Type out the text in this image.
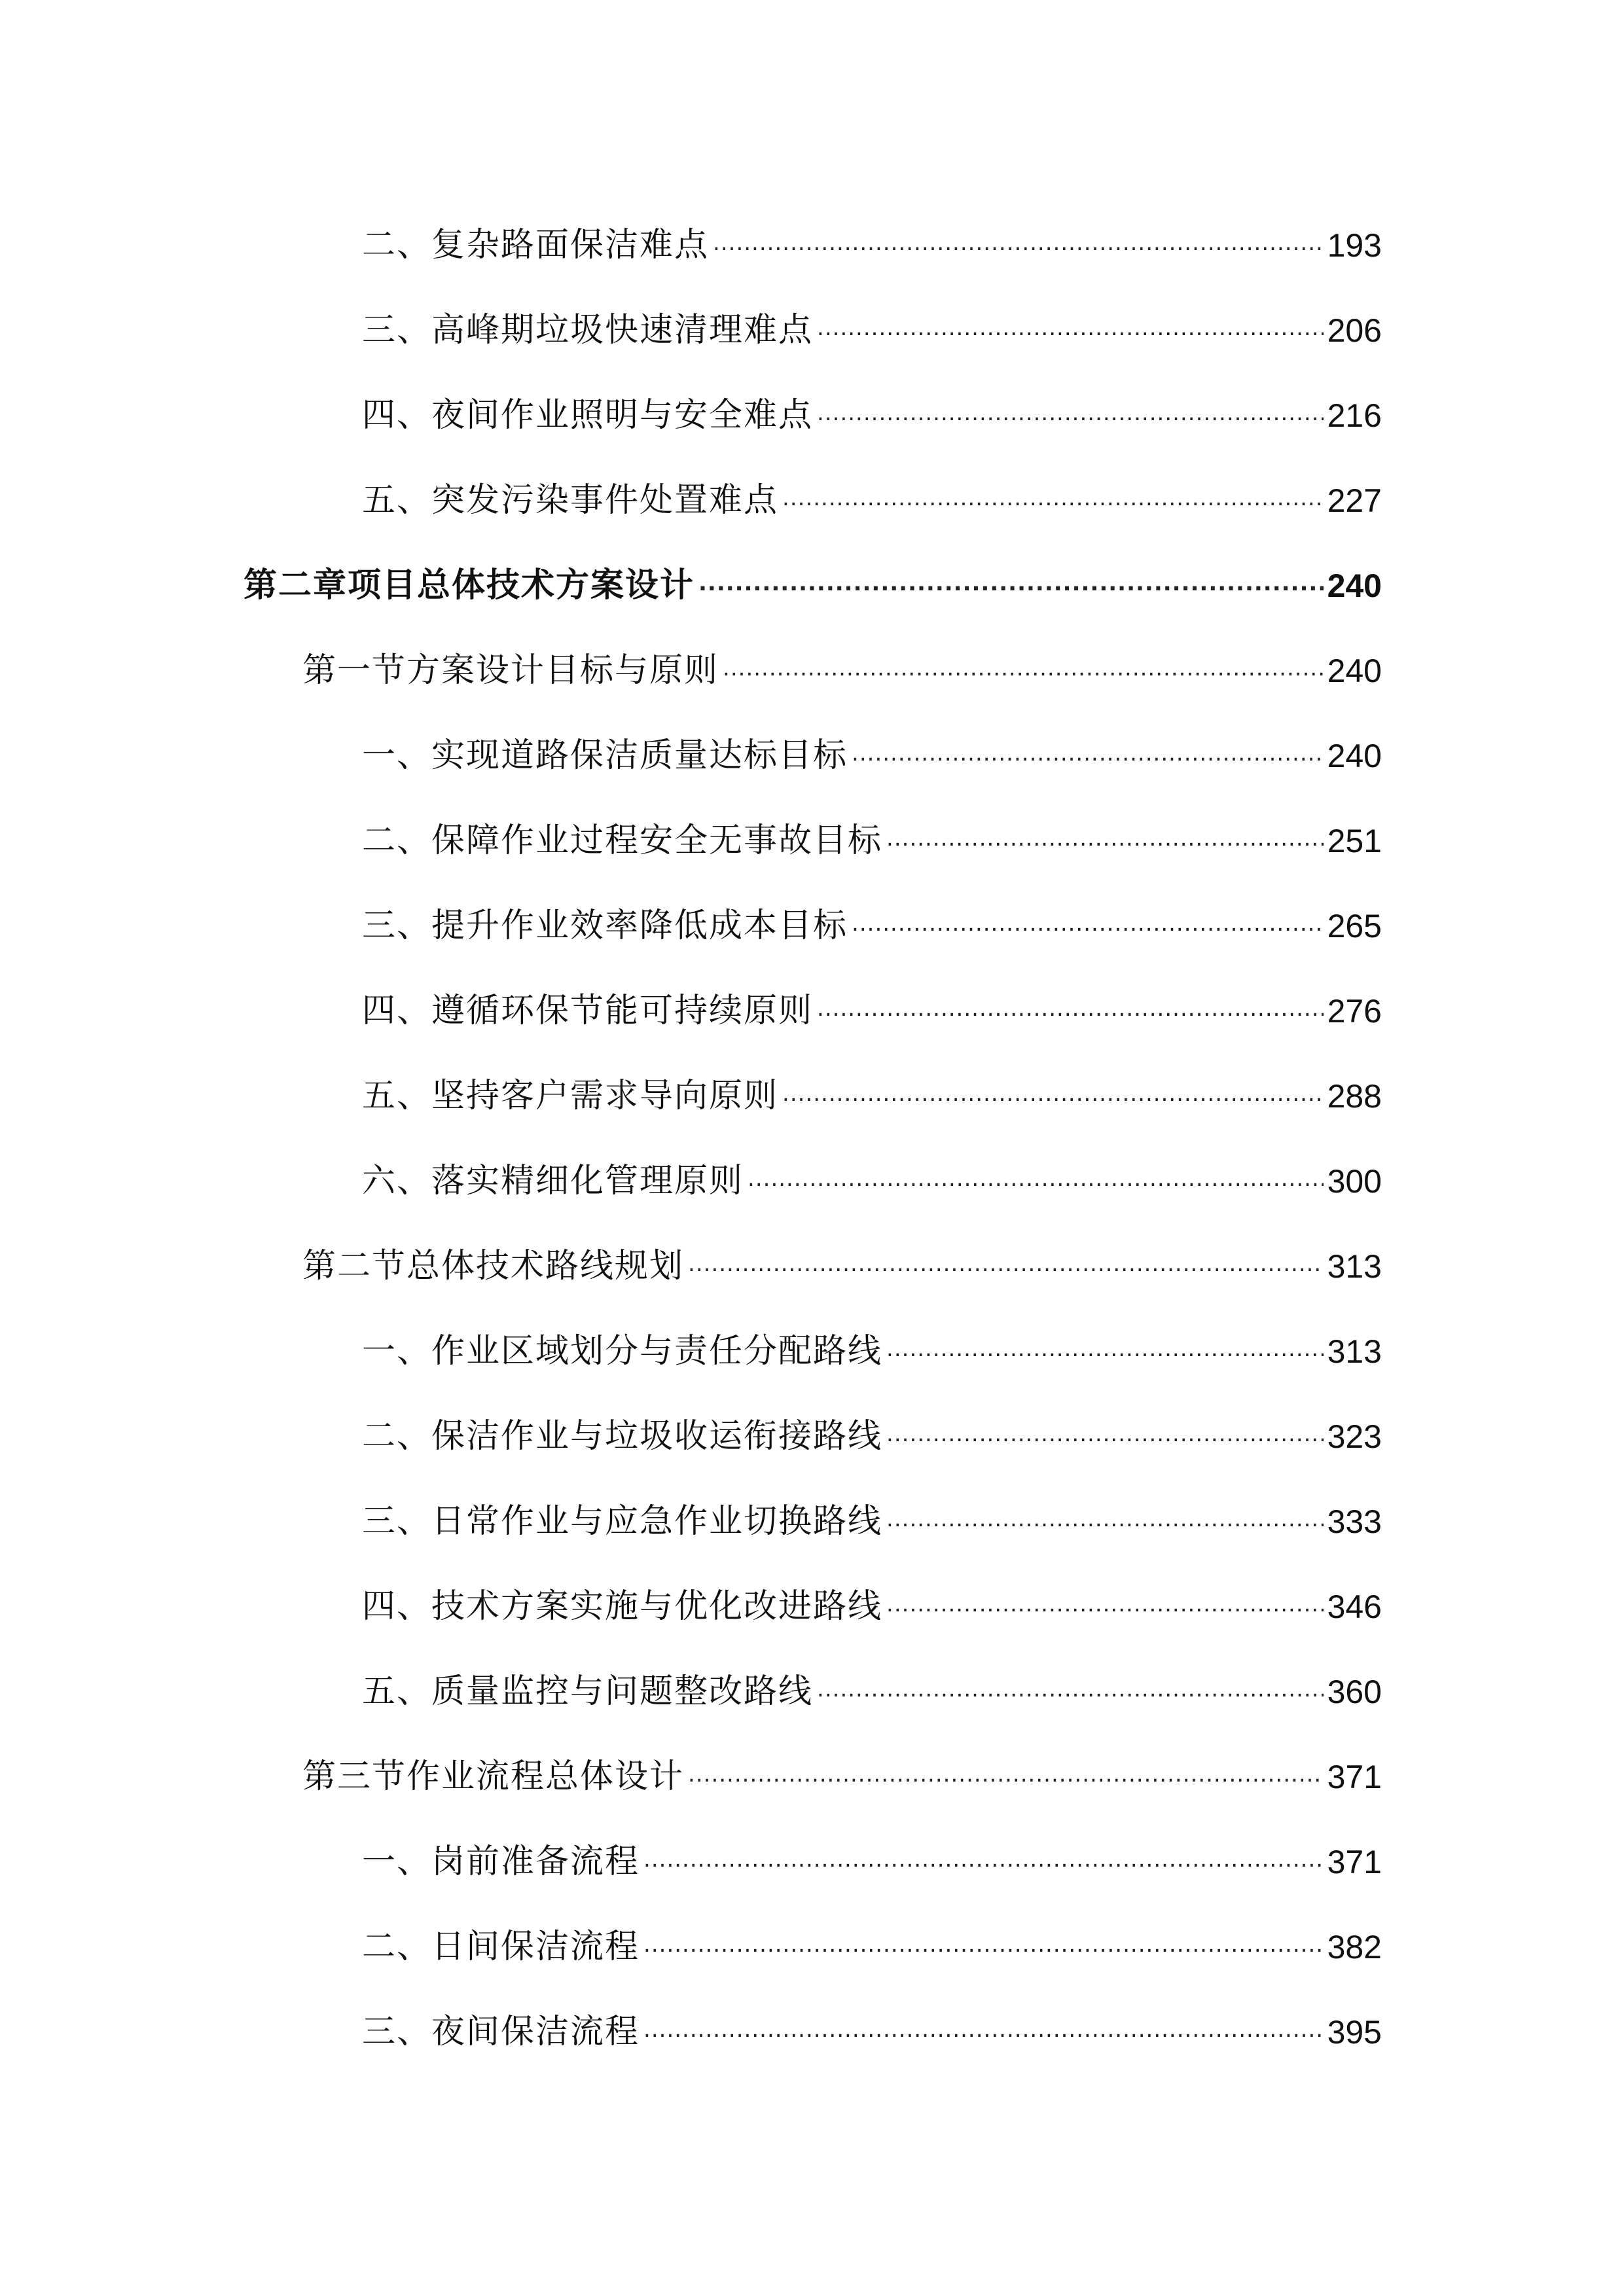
二、复杂路面保洁难点 .....	193
三、高峰期垃圾快速清理难点 .....	206
四、夜间作业照明与安全难点 .....	216
五、突发污染事件处置难点 .....	227
第二章项目总体技术方案设计 .....	240
第一节方案设计目标与原则 .....	240
一、实现道路保洁质量达标目标 .....	240
二、保障作业过程安全无事故目标 .....	251
三、提升作业效率降低成本目标 .....	265
四、遵循环保节能可持续原则 .....	276
五、坚持客户需求导向原则 .....	288
六、落实精细化管理原则 .....	300
第二节总体技术路线规划 .....	313
一、作业区域划分与责任分配路线 .....	313
二、保洁作业与垃圾收运衔接路线 .....	323
三、日常作业与应急作业切换路线 .....	333
四、技术方案实施与优化改进路线 .....	346
五、质量监控与问题整改路线 .....	360
第三节作业流程总体设计 .....	371
一、岗前准备流程 .....	371
二、日间保洁流程 .....	382
三、夜间保洁流程 .....	395
